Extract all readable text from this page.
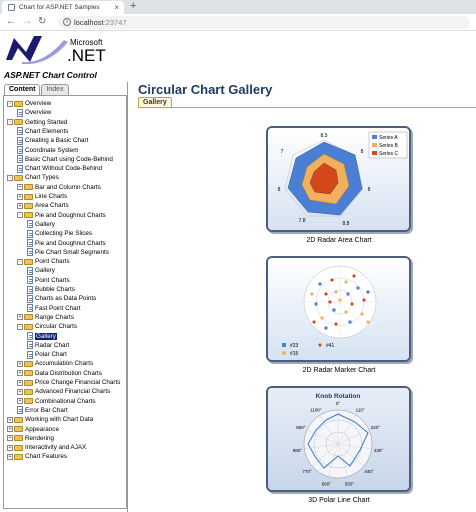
Chart for ASP.NET Samples × +
← → ↻	i localhost:23747
Microsoft
.NET
ASP.NET Chart Control
Content	Index
-	Overview
Overview
-	Getting Started
Chart Elements
Creating a Basic Chart
Coordinate System
Basic Chart using Code-Behind
Chart Without Code-Behind
-	Chart Types
+ Bar and Column Charts
+ Line Charts
+ Area Charts
-	Pie and Doughnut Charts
Gallery
Collecting Pie Slices
Pie and Doughnut Charts
Pie Chart Small Segments
-	Point Charts
Gallery
Point Charts
Bubble Charts
Charts as Data Points
Fast Point Chart
+ Range Charts
-	Circular Charts
Gallery
Radar Chart
Polar Chart
+ Accumulation Charts
+ Data Distribution Charts
+ Price Change Financial Charts
+ Advanced Financial Charts
+ Combinational Charts
Error Bar Chart
+ Working with Chart Data
+ Appearance
+ Rendering
+ Interactivity and AJAX
+ Chart Features
Circular Chart Gallery
Gallery
8.5
7	8
8
8.8
7.8
8
Series A
Series B
Series C
2D Radar Area Chart
#23	#41
#15
2D Radar Marker Chart
Knob Rotation
0°
110°
220°
330°
440°
550°
660°
770°
880°
990°
1100°
3D Polar Line Chart
